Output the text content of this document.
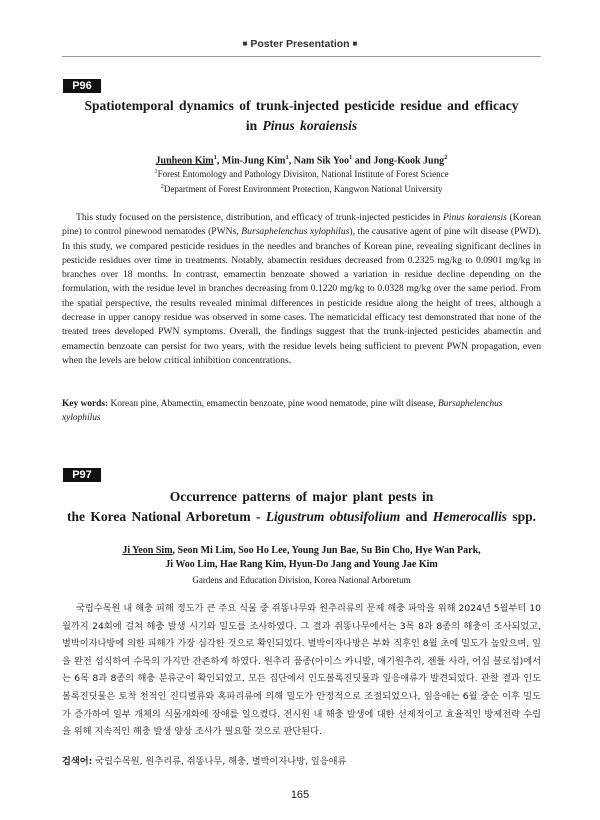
■ Poster Presentation ■
P96
Spatiotemporal dynamics of trunk-injected pesticide residue and efficacy
in Pinus koraiensis
Junheon Kim$^1$, Min-Jung Kim$^1$, Nam Sik Yoo$^1$ and Jong-Kook Jung$^2$
$^1$Forest Entomology and Pathology Divisiton, National Institute of Forest Science
$^2$Department of Forest Environment Protection, Kangwon National University

This study focused on the persistence, distribution, and efficacy of trunk-injected pesticides in Pinus koraiensis (Korean pine) to control pinewood nematodes (PWNs, Bursaphelenchus xylophilus), the causative agent of pine wilt disease (PWD). In this study, we compared pesticide residues in the needles and branches of Korean pine, revealing significant declines in pesticide residues over time in treatments. Notably, abamectin residues decreased from 0.2325 mg/kg to 0.0901 mg/kg in branches over 18 months. In contrast, emamectin benzoate showed a variation in residue decline depending on the formulation, with the residue level in branches decreasing from 0.1220 mg/kg to 0.0328 mg/kg over the same period. From the spatial perspective, the results revealed minimal differences in pesticide residue along the height of trees, although a decrease in upper canopy residue was observed in some cases. The nematicidal efficacy test demonstrated that none of the treated trees developed PWN symptoms. Overall, the findings suggest that the trunk-injected pesticides abamectin and emamectin benzoate can persist for two years, with the residue levels being sufficient to prevent PWN propagation, even when the levels are below critical inhibition concentrations.

Key words: Korean pine, Abamectin, emamectin benzoate, pine wood nematode, pine wilt disease, Bursaphelenchus xylophilus
P97
Occurrence patterns of major plant pests in
the Korea National Arboretum - Ligustrum obtusifolium and Hemerocallis spp.
Ji Yeon Sim, Seon Mi Lim, Soo Ho Lee, Young Jun Bae, Su Bin Cho, Hye Wan Park,
Ji Woo Lim, Hae Rang Kim, Hyun-Do Jang and Young Jae Kim
Gardens and Education Division, Korea National Arboretum

국립수목원 내 해충 피해 정도가 큰 주요 식물 중 쥐똥나무와 원추리류의 문제 해충 파악을 위해 2024년 5월부터 10월까지 24회에 걸쳐 해충 발생 시기와 밀도를 조사하였다. 그 결과 쥐똥나무에서는 3목 8과 8종의 해충이 조사되었고, 별박이자나방에 의한 피해가 가장 심각한 것으로 확인되었다. 별박이자나방은 부화 직후인 8월 초에 밀도가 높았으며, 잎을 완전 섭식하여 수목의 가지만 잔존하게 하였다. 원추리 품종(아이스 카니발, 애기원추리, 젠틀 사라, 어심 블로섬)에서는 6목 8과 8종의 해충 분류군이 확인되었고, 모든 집단에서 인도볼록진딧물과 잎응애류가 발견되었다. 관찰 결과 인도볼록진딧물은 토착 천적인 진디벌류와 혹파리류에 의해 밀도가 안정적으로 조절되었으나, 잎응애는 6월 중순 이후 밀도가 증가하여 일부 개체의 식물개화에 장애를 일으켰다. 전시원 내 해충 발생에 대한 선제적이고 효율적인 방제전략 수립을 위해 지속적인 해충 발생 양상 조사가 필요할 것으로 판단된다.

검색어: 국립수목원, 원추리류, 쥐똥나무, 해충, 별박이자나방, 잎응애류
165
